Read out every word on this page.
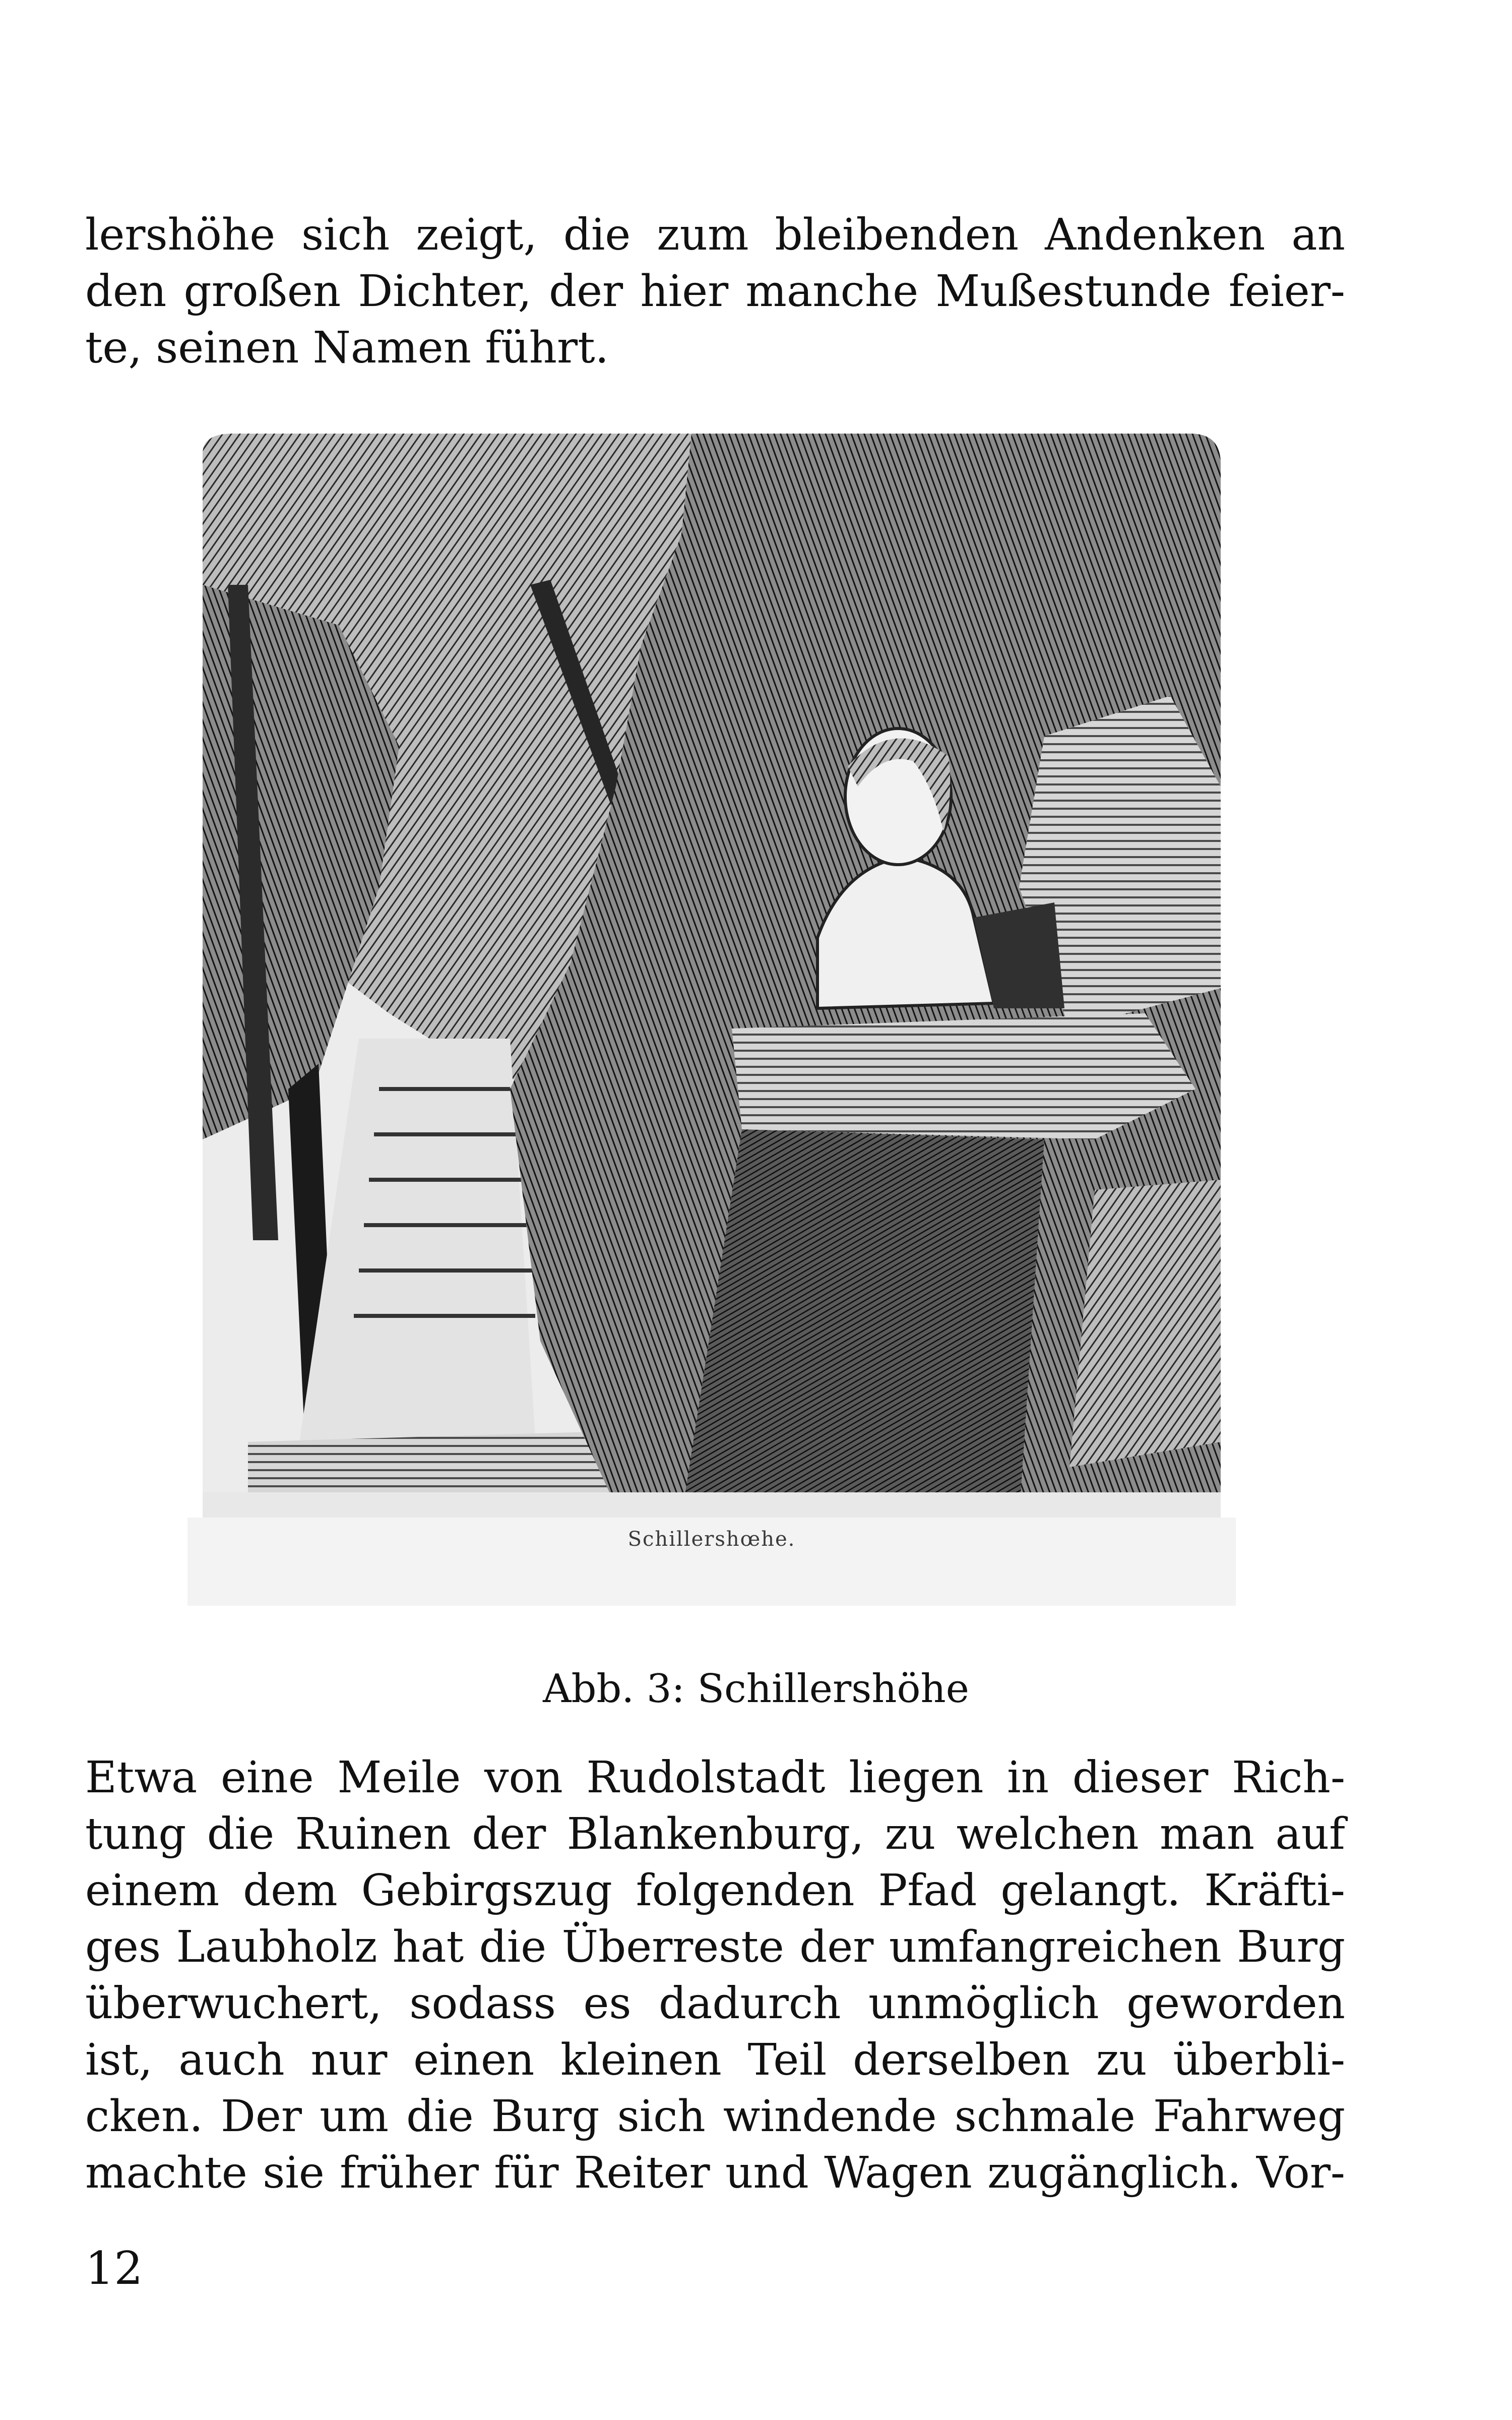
lershöhe sich zeigt, die zum bleibenden Andenken an
den großen Dichter, der hier manche Mußestunde feier-
te, seinen Namen führt.
Schillershœhe.

Abb. 3: Schillershöhe

Etwa eine Meile von Rudolstadt liegen in dieser Rich-
tung die Ruinen der Blankenburg, zu welchen man auf
einem dem Gebirgszug folgenden Pfad gelangt. Kräfti-
ges Laubholz hat die Überreste der umfangreichen Burg
überwuchert, sodass es dadurch unmöglich geworden
ist, auch nur einen kleinen Teil derselben zu überbli-
cken. Der um die Burg sich windende schmale Fahrweg
machte sie früher für Reiter und Wagen zugänglich. Vor-

12
